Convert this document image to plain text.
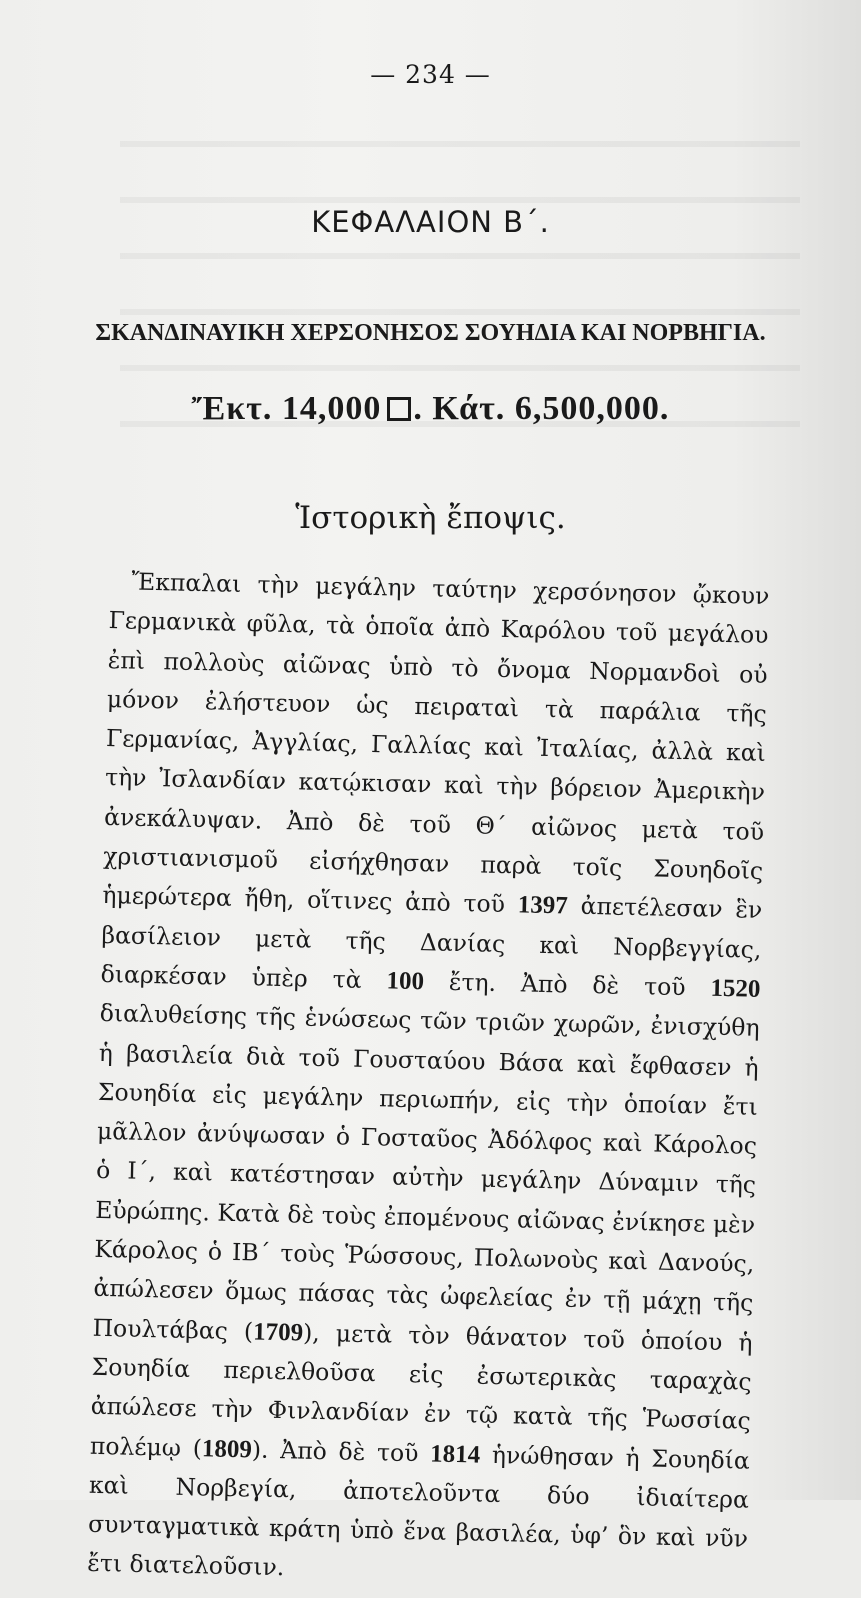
— 234 —
ΚΕΦΑΛΑΙΟΝ Β΄.
ΣΚΑΝΔΙΝΑΥΙΚΗ ΧΕΡΣΟΝΗΣΟΣ ΣΟΥΗΔΙΑ ΚΑΙ ΝΟΡΒΗΓΙΑ.
Ἔκτ. 14,000 . Κάτ. 6,500,000.
Ἱστορικὴ ἔποψις.
Ἔκπαλαι τὴν μεγάλην ταύτην χερσόνησον ᾤκουν Γερμανικὰ φῦλα, τὰ ὁποῖα ἀπὸ Καρόλου τοῦ μεγάλου ἐπὶ πολλοὺς αἰῶνας ὑπὸ τὸ ὄνομα Νορμανδοὶ οὐ μόνον ἐλήστευον ὡς πειραταὶ τὰ παράλια τῆς Γερμανίας, Ἀγγλίας, Γαλλίας καὶ Ἰταλίας, ἀλλὰ καὶ τὴν Ἰσλανδίαν κατῴκισαν καὶ τὴν βόρειον Ἀμερικὴν ἀνεκάλυψαν. Ἀπὸ δὲ τοῦ Θ΄ αἰῶνος μετὰ τοῦ χριστιανισμοῦ εἰσήχθησαν παρὰ τοῖς Σουηδοῖς ἡμερώτερα ἤθη, οἵτινες ἀπὸ τοῦ 1397 ἀπετέλεσαν ἓν βασίλειον μετὰ τῆς Δανίας καὶ Νορβεγγίας, διαρκέσαν ὑπὲρ τὰ 100 ἔτη. Ἀπὸ δὲ τοῦ 1520 διαλυθείσης τῆς ἑνώσεως τῶν τριῶν χωρῶν, ἐνισχύθη ἡ βασιλεία διὰ τοῦ Γουσταύου Βάσα καὶ ἔφθασεν ἡ Σουηδία εἰς μεγάλην περιωπήν, εἰς τὴν ὁποίαν ἔτι μᾶλλον ἀνύψωσαν ὁ Γοσταῦος Ἀδόλφος καὶ Κάρολος ὁ Ι΄, καὶ κατέστησαν αὐτὴν μεγάλην Δύναμιν τῆς Εὐρώπης. Κατὰ δὲ τοὺς ἐπομένους αἰῶνας ἐνίκησε μὲν Κάρολος ὁ ΙΒ΄ τοὺς Ῥώσσους, Πολωνοὺς καὶ Δανούς, ἀπώλεσεν ὅμως πάσας τὰς ὠφελείας ἐν τῇ μάχῃ τῆς Πουλτάβας (1709), μετὰ τὸν θάνατον τοῦ ὁποίου ἡ Σουηδία περιελθοῦσα εἰς ἐσωτερικὰς ταραχὰς ἀπώλεσε τὴν Φινλανδίαν ἐν τῷ κατὰ τῆς Ῥωσσίας πολέμῳ (1809). Ἀπὸ δὲ τοῦ 1814 ἡνώθησαν ἡ Σουηδία καὶ Νορβεγία, ἀποτελοῦντα δύο ἰδιαίτερα συνταγματικὰ κράτη ὑπὸ ἕνα βασιλέα, ὑφ’ ὃν καὶ νῦν ἔτι διατελοῦσιν.
